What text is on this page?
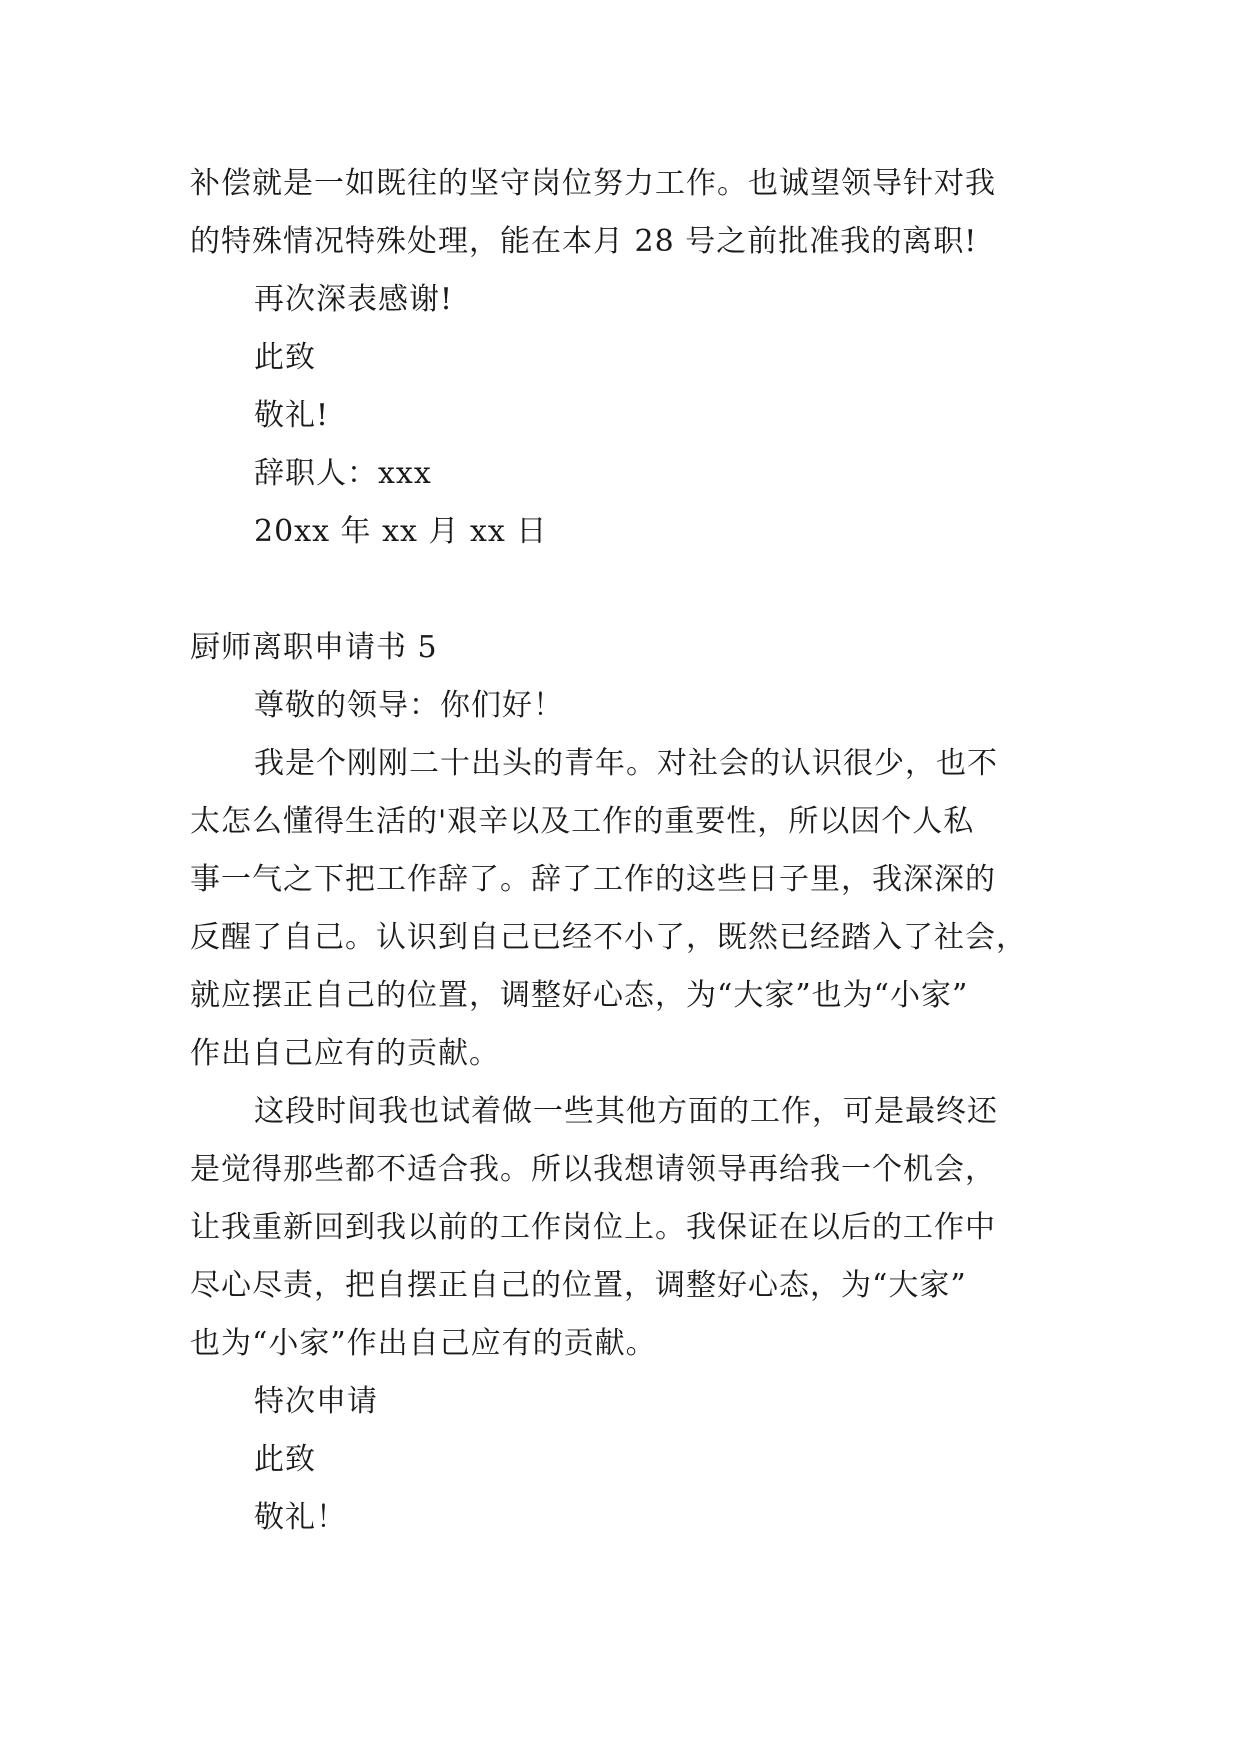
补偿就是一如既往的坚守岗位努力工作。也诚望领导针对我
的特殊情况特殊处理，能在本月 28 号之前批准我的离职!
再次深表感谢!
此致
敬礼!
辞职人：xxx
20xx 年 xx 月 xx 日
厨师离职申请书 5
尊敬的领导：你们好！
我是个刚刚二十出头的青年。对社会的认识很少，也不
太怎么懂得生活的'艰辛以及工作的重要性，所以因个人私
事一气之下把工作辞了。辞了工作的这些日子里，我深深的
反醒了自己。认识到自己已经不小了，既然已经踏入了社会，
就应摆正自己的位置，调整好心态，为“大家”也为“小家”
作出自己应有的贡献。
这段时间我也试着做一些其他方面的工作，可是最终还
是觉得那些都不适合我。所以我想请领导再给我一个机会，
让我重新回到我以前的工作岗位上。我保证在以后的工作中
尽心尽责，把自摆正自己的位置，调整好心态，为“大家”
也为“小家”作出自己应有的贡献。
特次申请
此致
敬礼！
